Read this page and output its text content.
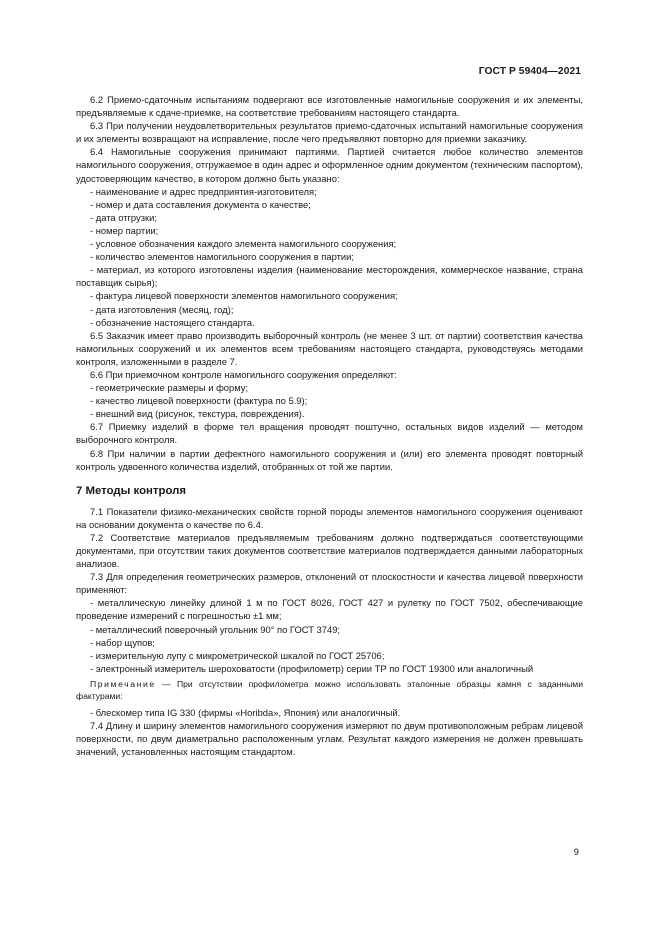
ГОСТ Р 59404—2021

6.2 Приемо-сдаточным испытаниям подвергают все изготовленные намогильные сооружения и их элементы, предъявляемые к сдаче-приемке, на соответствие требованиям настоящего стандарта.

6.3 При получении неудовлетворительных результатов приемо-сдаточных испытаний намогильные сооружения и их элементы возвращают на исправление, после чего предъявляют повторно для приемки заказчику.

6.4 Намогильные сооружения принимают партиями. Партией считается любое количество элементов намогильного сооружения, отгружаемое в один адрес и оформленное одним документом (техническим паспортом), удостоверяющим качество, в котором должно быть указано:

- наименование и адрес предприятия-изготовителя;

- номер и дата составления документа о качестве;

- дата отгрузки;

- номер партии;

- условное обозначения каждого элемента намогильного сооружения;

- количество элементов намогильного сооружения в партии;

- материал, из которого изготовлены изделия (наименование месторождения, коммерческое название, страна поставщик сырья);

- фактура лицевой поверхности элементов намогильного сооружения;

- дата изготовления (месяц, год);

- обозначение настоящего стандарта.

6.5 Заказчик имеет право производить выборочный контроль (не менее 3 шт. от партии) соответствия качества намогильных сооружений и их элементов всем требованиям настоящего стандарта, руководствуясь методами контроля, изложенными в разделе 7.

6.6 При приемочном контроле намогильного сооружения определяют:

- геометрические размеры и форму;

- качество лицевой поверхности (фактура по 5.9);

- внешний вид (рисунок, текстура, повреждения).

6.7 Приемку изделий в форме тел вращения проводят поштучно, остальных видов изделий — методом выборочного контроля.

6.8 При наличии в партии дефектного намогильного сооружения и (или) его элемента проводят повторный контроль удвоенного количества изделий, отобранных от той же партии.

7 Методы контроля

7.1 Показатели физико-механических свойств горной породы элементов намогильного сооружения оценивают на основании документа о качестве по 6.4.

7.2 Соответствие материалов предъявляемым требованиям должно подтверждаться соответствующими документами, при отсутствии таких документов соответствие материалов подтверждается данными лабораторных анализов.

7.3 Для определения геометрических размеров, отклонений от плоскостности и качества лицевой поверхности применяют:

- металлическую линейку длиной 1 м по ГОСТ 8026, ГОСТ 427 и рулетку по ГОСТ 7502, обеспечивающие проведение измерений с погрешностью ±1 мм;

- металлический поверочный угольник 90° по ГОСТ 3749;

- набор щупов;

- измерительную лупу с микрометрической шкалой по ГОСТ 25706;

- электронный измеритель шероховатости (профилометр) серии ТР по ГОСТ 19300 или аналогичный

Примечание — При отсутствии профилометра можно использовать эталонные образцы камня с заданными фактурами:

- блескомер типа IG 330 (фирмы «Horibda», Япония) или аналогичный.

7.4 Длину и ширину элементов намогильного сооружения измеряют по двум противоположным ребрам лицевой поверхности, по двум диаметрально расположенным углам. Результат каждого измерения не должен превышать значений, установленных настоящим стандартом.

9
